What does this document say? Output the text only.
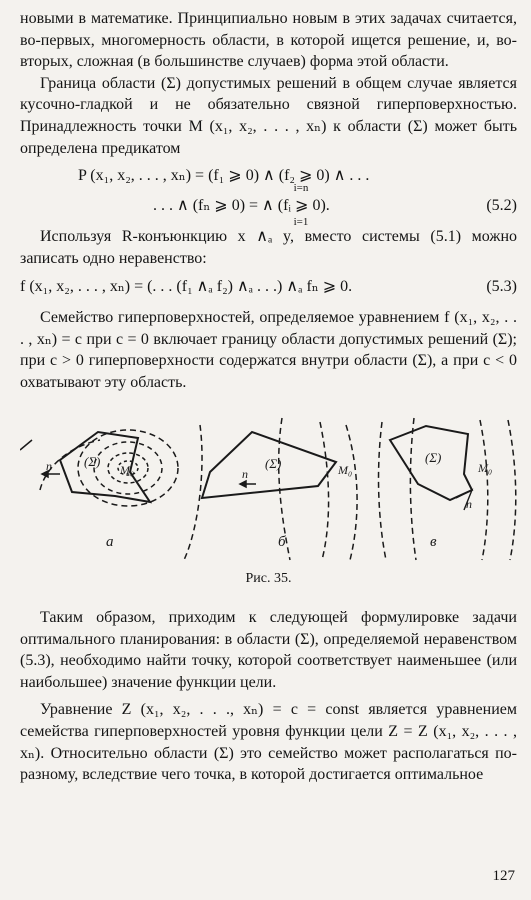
новыми в математике. Принципиально новым в этих задачах считается, во-первых, многомерность области, в которой ищется решение, и, во-вторых, сложная (в большинстве случаев) форма этой области.

Граница области (Σ) допустимых решений в общем случае является кусочно-гладкой и не обязательно связной гиперповерхностью. Принадлежность точки M (x₁, x₂, . . . , xₙ) к области (Σ) может быть определена предикатом

P (x₁, x₂, . . . , xₙ) = (f₁ ⩾ 0) ∧ (f₂ ⩾ 0) ∧ . . .
i=n
. . . ∧ (fₙ ⩾ 0) = ∧ (fᵢ ⩾ 0).
i=1
(5.2)

Используя R-конъюнкцию x ∧ₐ y, вместо системы (5.1) можно записать одно неравенство:

f (x₁, x₂, . . . , xₙ) = (. . . (f₁ ∧ₐ f₂) ∧ₐ . . .) ∧ₐ fₙ ⩾ 0.	(5.3)

Семейство гиперповерхностей, определяемое уравнением f (x₁, x₂, . . . , xₙ) = c при c = 0 включает границу области допустимых решений (Σ); при c > 0 гиперповерхности содержатся внутри области (Σ), а при c < 0 охватывают эту область.

(Σ)
M₀
n
а
(Σ)	M₀
n
б
(Σ)
M₀
n
в
Рис. 35.

Таким образом, приходим к следующей формулировке задачи оптимального планирования: в области (Σ), определяемой неравенством (5.3), необходимо найти точку, которой соответствует наименьшее (или наибольшее) значение функции цели.

Уравнение Z (x₁, x₂, . . ., xₙ) = c = const является уравнением семейства гиперповерхностей уровня функции цели Z = Z (x₁, x₂, . . . , xₙ). Относительно области (Σ) это семейство может располагаться по-разному, вследствие чего точка, в которой достигается оптимальное

127
